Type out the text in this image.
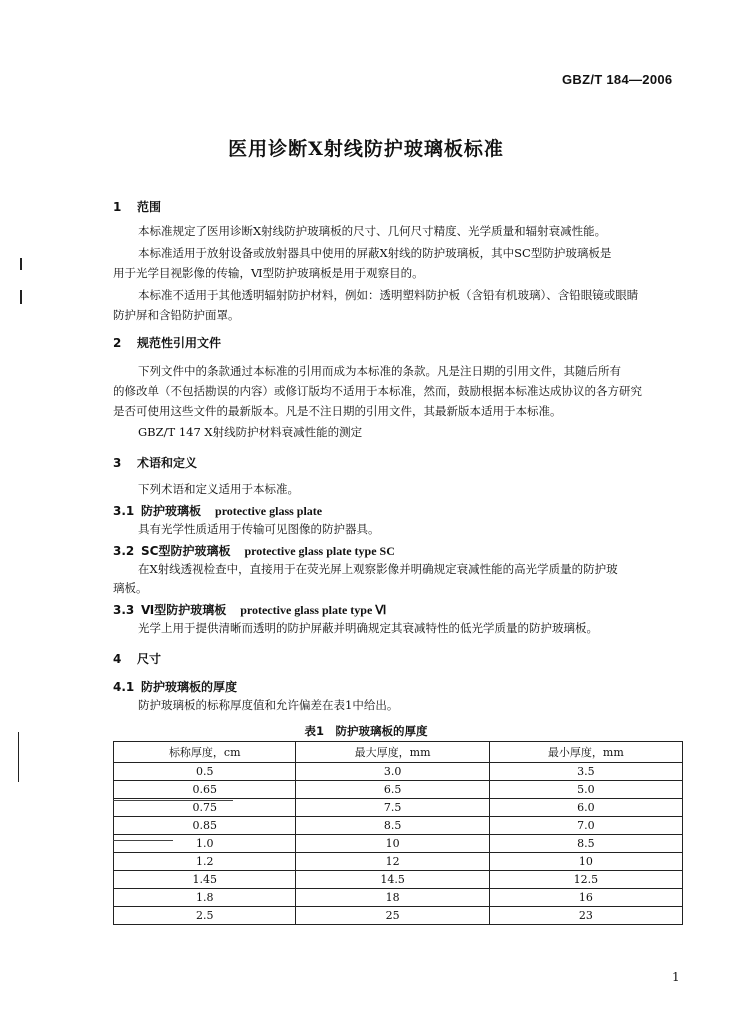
GBZ/T 184—2006
医用诊断X射线防护玻璃板标准
1 范围
本标准规定了医用诊断X射线防护玻璃板的尺寸、几何尺寸精度、光学质量和辐射衰减性能。
本标准适用于放射设备或放射器具中使用的屏蔽X射线的防护玻璃板，其中SC型防护玻璃板是
用于光学目视影像的传输，Ⅵ型防护玻璃板是用于观察目的。
本标准不适用于其他透明辐射防护材料，例如：透明塑料防护板（含铅有机玻璃）、含铅眼镜或眼睛
防护屏和含铅防护面罩。
2 规范性引用文件
下列文件中的条款通过本标准的引用而成为本标准的条款。凡是注日期的引用文件，其随后所有
的修改单（不包括勘误的内容）或修订版均不适用于本标准，然而，鼓励根据本标准达成协议的各方研究
是否可使用这些文件的最新版本。凡是不注日期的引用文件，其最新版本适用于本标准。
GBZ/T 147 X射线防护材料衰减性能的测定
3 术语和定义
下列术语和定义适用于本标准。
3.1 防护玻璃板 protective glass plate
具有光学性质适用于传输可见图像的防护器具。
3.2 SC型防护玻璃板 protective glass plate type SC
在X射线透视检查中，直接用于在荧光屏上观察影像并明确规定衰减性能的高光学质量的防护玻
璃板。
3.3 Ⅵ型防护玻璃板 protective glass plate type Ⅵ
光学上用于提供清晰而透明的防护屏蔽并明确规定其衰减特性的低光学质量的防护玻璃板。
4 尺寸
4.1 防护玻璃板的厚度
防护玻璃板的标称厚度值和允许偏差在表1中给出。
表1　防护玻璃板的厚度
标称厚度，cm	最大厚度，mm	最小厚度，mm
0.5	3.0	3.5
0.65	6.5	5.0
0.75	7.5	6.0
0.85	8.5	7.0
1.0	10	8.5
1.2	12	10
1.45	14.5	12.5
1.8	18	16
2.5	25	23
1
